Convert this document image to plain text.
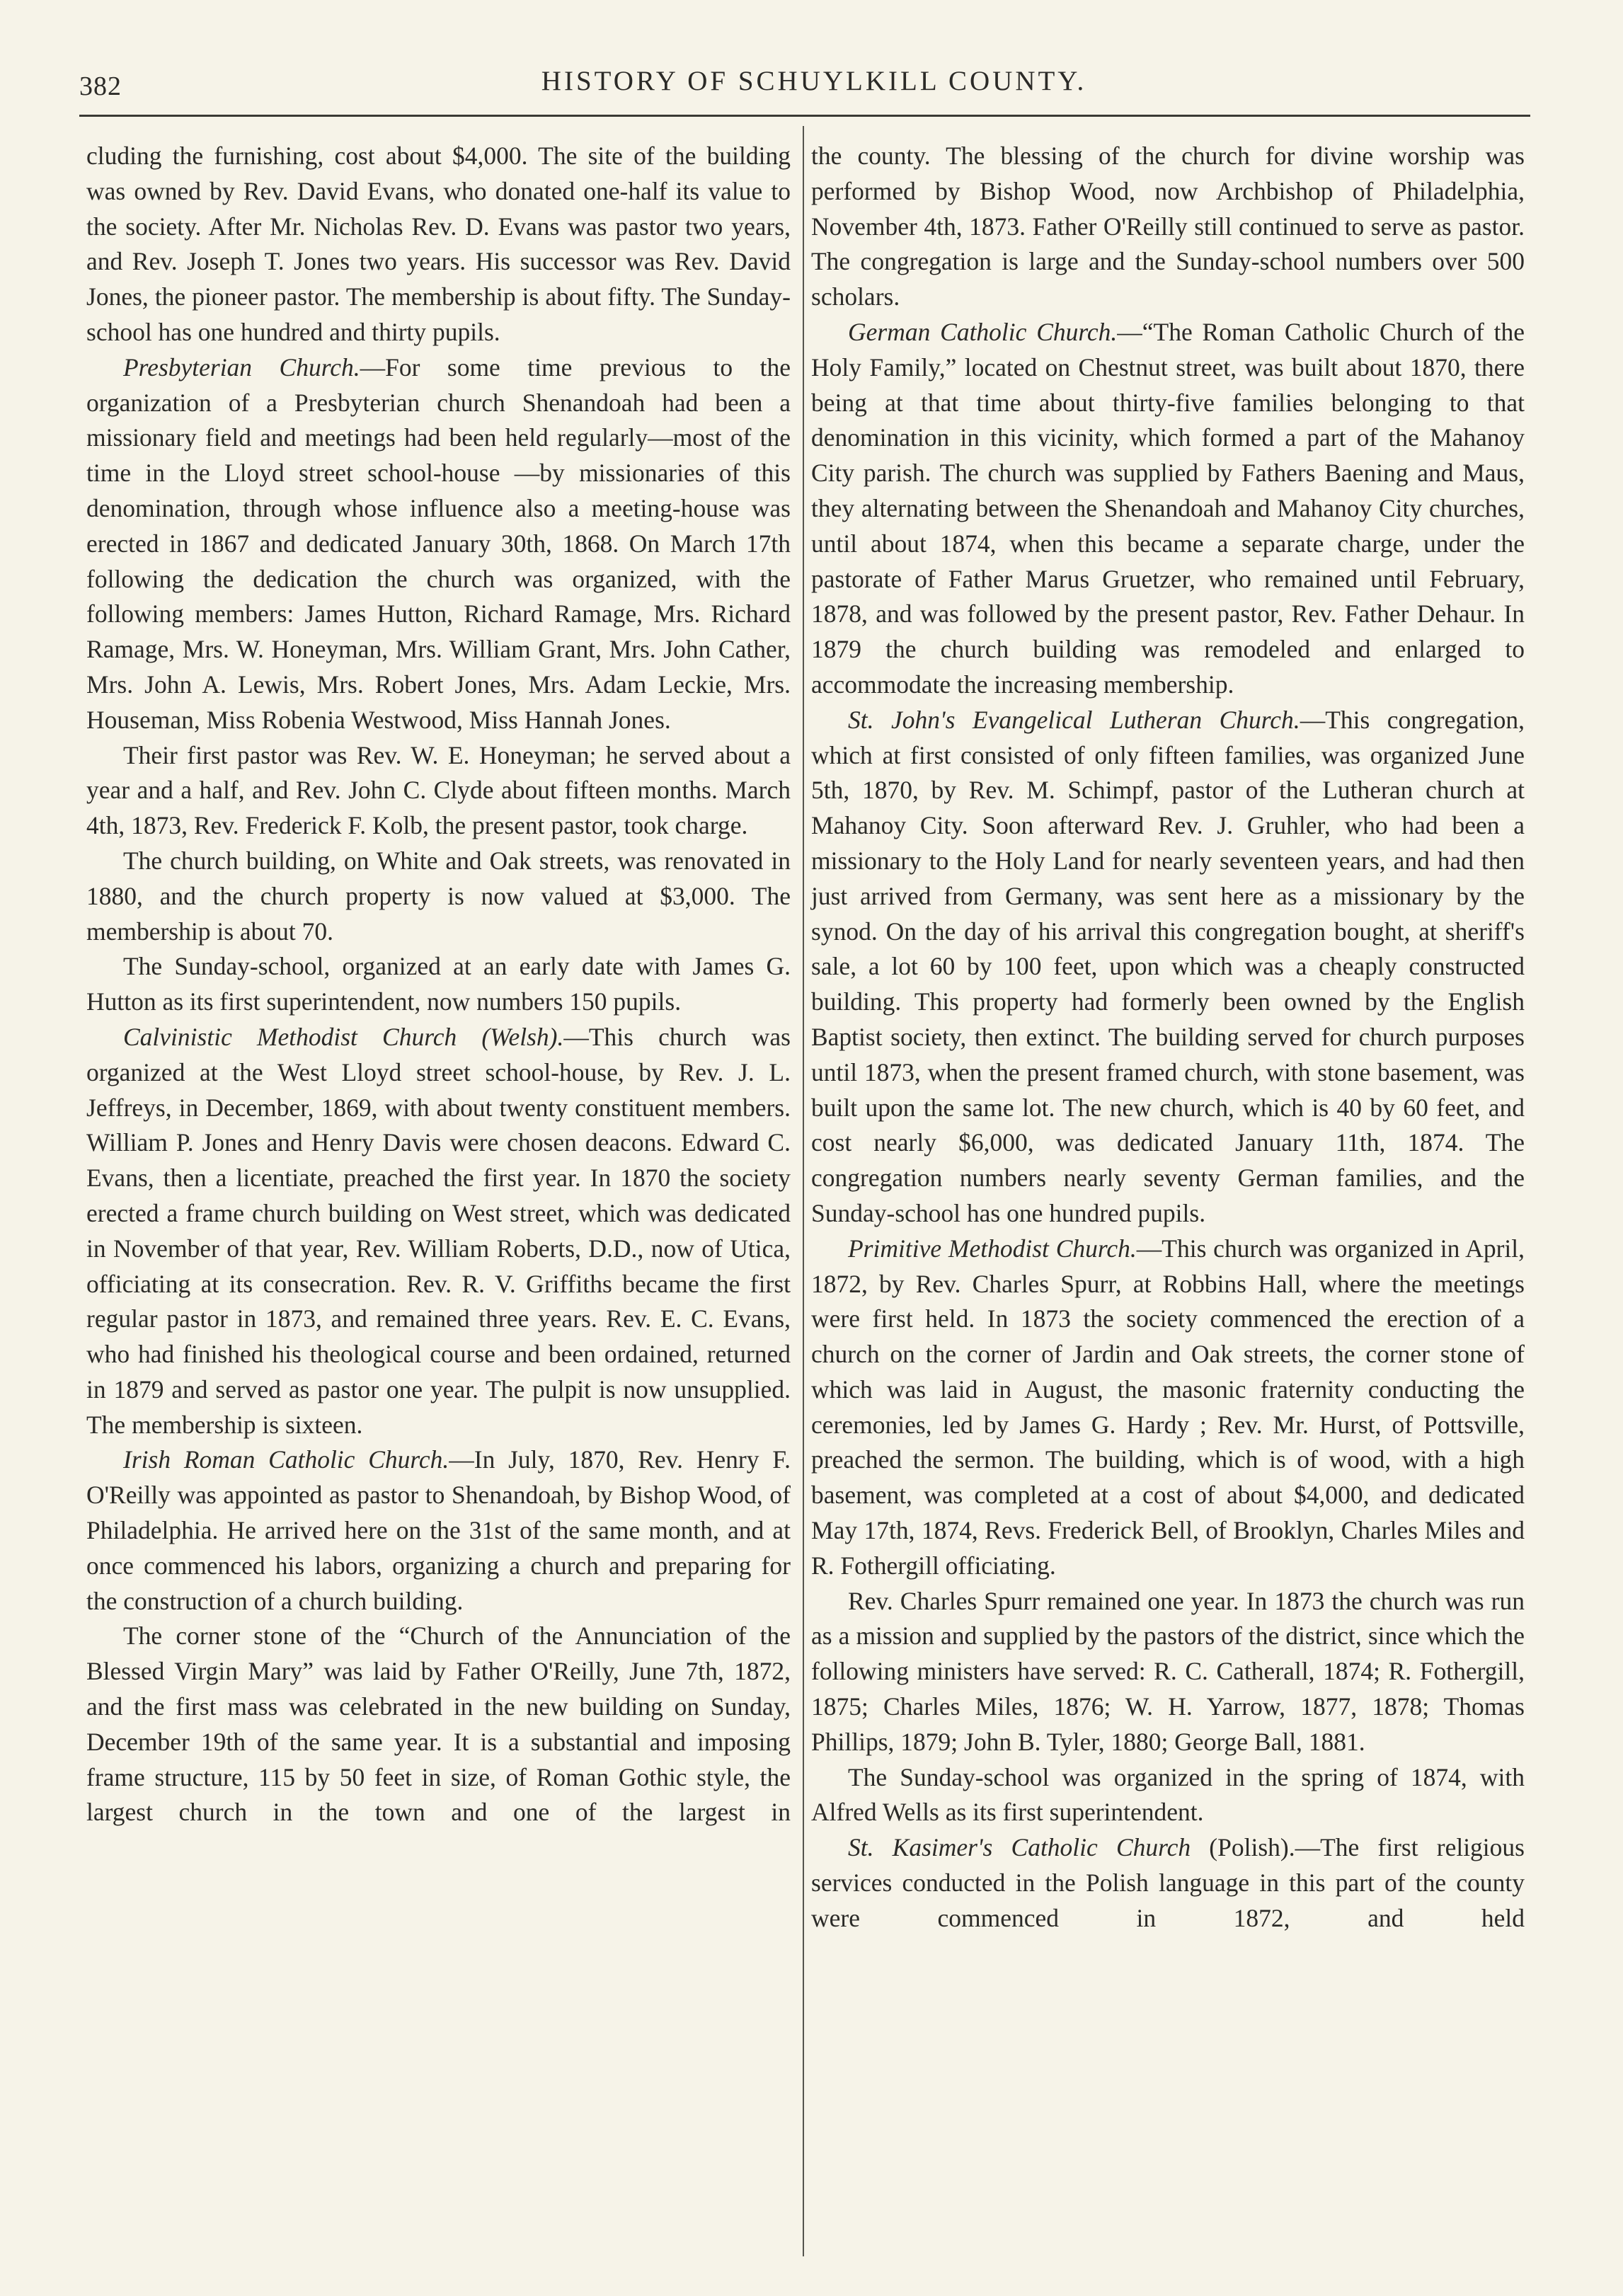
382	HISTORY OF SCHUYLKILL COUNTY.

cluding the furnishing, cost about $4,000. The site of the building was owned by Rev. David Evans, who donated one-half its value to the society. After Mr. Nicholas Rev. D. Evans was pastor two years, and Rev. Joseph T. Jones two years. His successor was Rev. David Jones, the pioneer pastor. The membership is about fifty. The Sunday-school has one hundred and thirty pupils.

Presbyterian Church.—For some time previous to the organization of a Presbyterian church Shenandoah had been a missionary field and meetings had been held regularly—most of the time in the Lloyd street school-house —by missionaries of this denomination, through whose influence also a meeting-house was erected in 1867 and dedicated January 30th, 1868. On March 17th following the dedication the church was organized, with the following members: James Hutton, Richard Ramage, Mrs. Richard Ramage, Mrs. W. Honeyman, Mrs. William Grant, Mrs. John Cather, Mrs. John A. Lewis, Mrs. Robert Jones, Mrs. Adam Leckie, Mrs. Houseman, Miss Robenia Westwood, Miss Hannah Jones.

Their first pastor was Rev. W. E. Honeyman; he served about a year and a half, and Rev. John C. Clyde about fifteen months. March 4th, 1873, Rev. Frederick F. Kolb, the present pastor, took charge.

The church building, on White and Oak streets, was renovated in 1880, and the church property is now valued at $3,000. The membership is about 70.

The Sunday-school, organized at an early date with James G. Hutton as its first superintendent, now numbers 150 pupils.

Calvinistic Methodist Church (Welsh).—This church was organized at the West Lloyd street school-house, by Rev. J. L. Jeffreys, in December, 1869, with about twenty constituent members. William P. Jones and Henry Davis were chosen deacons. Edward C. Evans, then a licentiate, preached the first year. In 1870 the society erected a frame church building on West street, which was dedicated in November of that year, Rev. William Roberts, D.D., now of Utica, officiating at its consecration. Rev. R. V. Griffiths became the first regular pastor in 1873, and remained three years. Rev. E. C. Evans, who had finished his theological course and been ordained, returned in 1879 and served as pastor one year. The pulpit is now unsupplied. The membership is sixteen.

Irish Roman Catholic Church.—In July, 1870, Rev. Henry F. O'Reilly was appointed as pastor to Shenandoah, by Bishop Wood, of Philadelphia. He arrived here on the 31st of the same month, and at once commenced his labors, organizing a church and preparing for the construction of a church building.

The corner stone of the “Church of the Annunciation of the Blessed Virgin Mary” was laid by Father O'Reilly, June 7th, 1872, and the first mass was celebrated in the new building on Sunday, December 19th of the same year. It is a substantial and imposing frame structure, 115 by 50 feet in size, of Roman Gothic style, the largest church in the town and one of the largest in

the county. The blessing of the church for divine worship was performed by Bishop Wood, now Archbishop of Philadelphia, November 4th, 1873. Father O'Reilly still continued to serve as pastor. The congregation is large and the Sunday-school numbers over 500 scholars.

German Catholic Church.—“The Roman Catholic Church of the Holy Family,” located on Chestnut street, was built about 1870, there being at that time about thirty-five families belonging to that denomination in this vicinity, which formed a part of the Mahanoy City parish. The church was supplied by Fathers Baening and Maus, they alternating between the Shenandoah and Mahanoy City churches, until about 1874, when this became a separate charge, under the pastorate of Father Marus Gruetzer, who remained until February, 1878, and was followed by the present pastor, Rev. Father Dehaur. In 1879 the church building was remodeled and enlarged to accommodate the increasing membership.

St. John's Evangelical Lutheran Church.—This congregation, which at first consisted of only fifteen families, was organized June 5th, 1870, by Rev. M. Schimpf, pastor of the Lutheran church at Mahanoy City. Soon afterward Rev. J. Gruhler, who had been a missionary to the Holy Land for nearly seventeen years, and had then just arrived from Germany, was sent here as a missionary by the synod. On the day of his arrival this congregation bought, at sheriff's sale, a lot 60 by 100 feet, upon which was a cheaply constructed building. This property had formerly been owned by the English Baptist society, then extinct. The building served for church purposes until 1873, when the present framed church, with stone basement, was built upon the same lot. The new church, which is 40 by 60 feet, and cost nearly $6,000, was dedicated January 11th, 1874. The congregation numbers nearly seventy German families, and the Sunday-school has one hundred pupils.

Primitive Methodist Church.—This church was organized in April, 1872, by Rev. Charles Spurr, at Robbins Hall, where the meetings were first held. In 1873 the society commenced the erection of a church on the corner of Jardin and Oak streets, the corner stone of which was laid in August, the masonic fraternity conducting the ceremonies, led by James G. Hardy ; Rev. Mr. Hurst, of Pottsville, preached the sermon. The building, which is of wood, with a high basement, was completed at a cost of about $4,000, and dedicated May 17th, 1874, Revs. Frederick Bell, of Brooklyn, Charles Miles and R. Fothergill officiating.

Rev. Charles Spurr remained one year. In 1873 the church was run as a mission and supplied by the pastors of the district, since which the following ministers have served: R. C. Catherall, 1874; R. Fothergill, 1875; Charles Miles, 1876; W. H. Yarrow, 1877, 1878; Thomas Phillips, 1879; John B. Tyler, 1880; George Ball, 1881.

The Sunday-school was organized in the spring of 1874, with Alfred Wells as its first superintendent.

St. Kasimer's Catholic Church (Polish).—The first religious services conducted in the Polish language in this part of the county were commenced in 1872, and held
